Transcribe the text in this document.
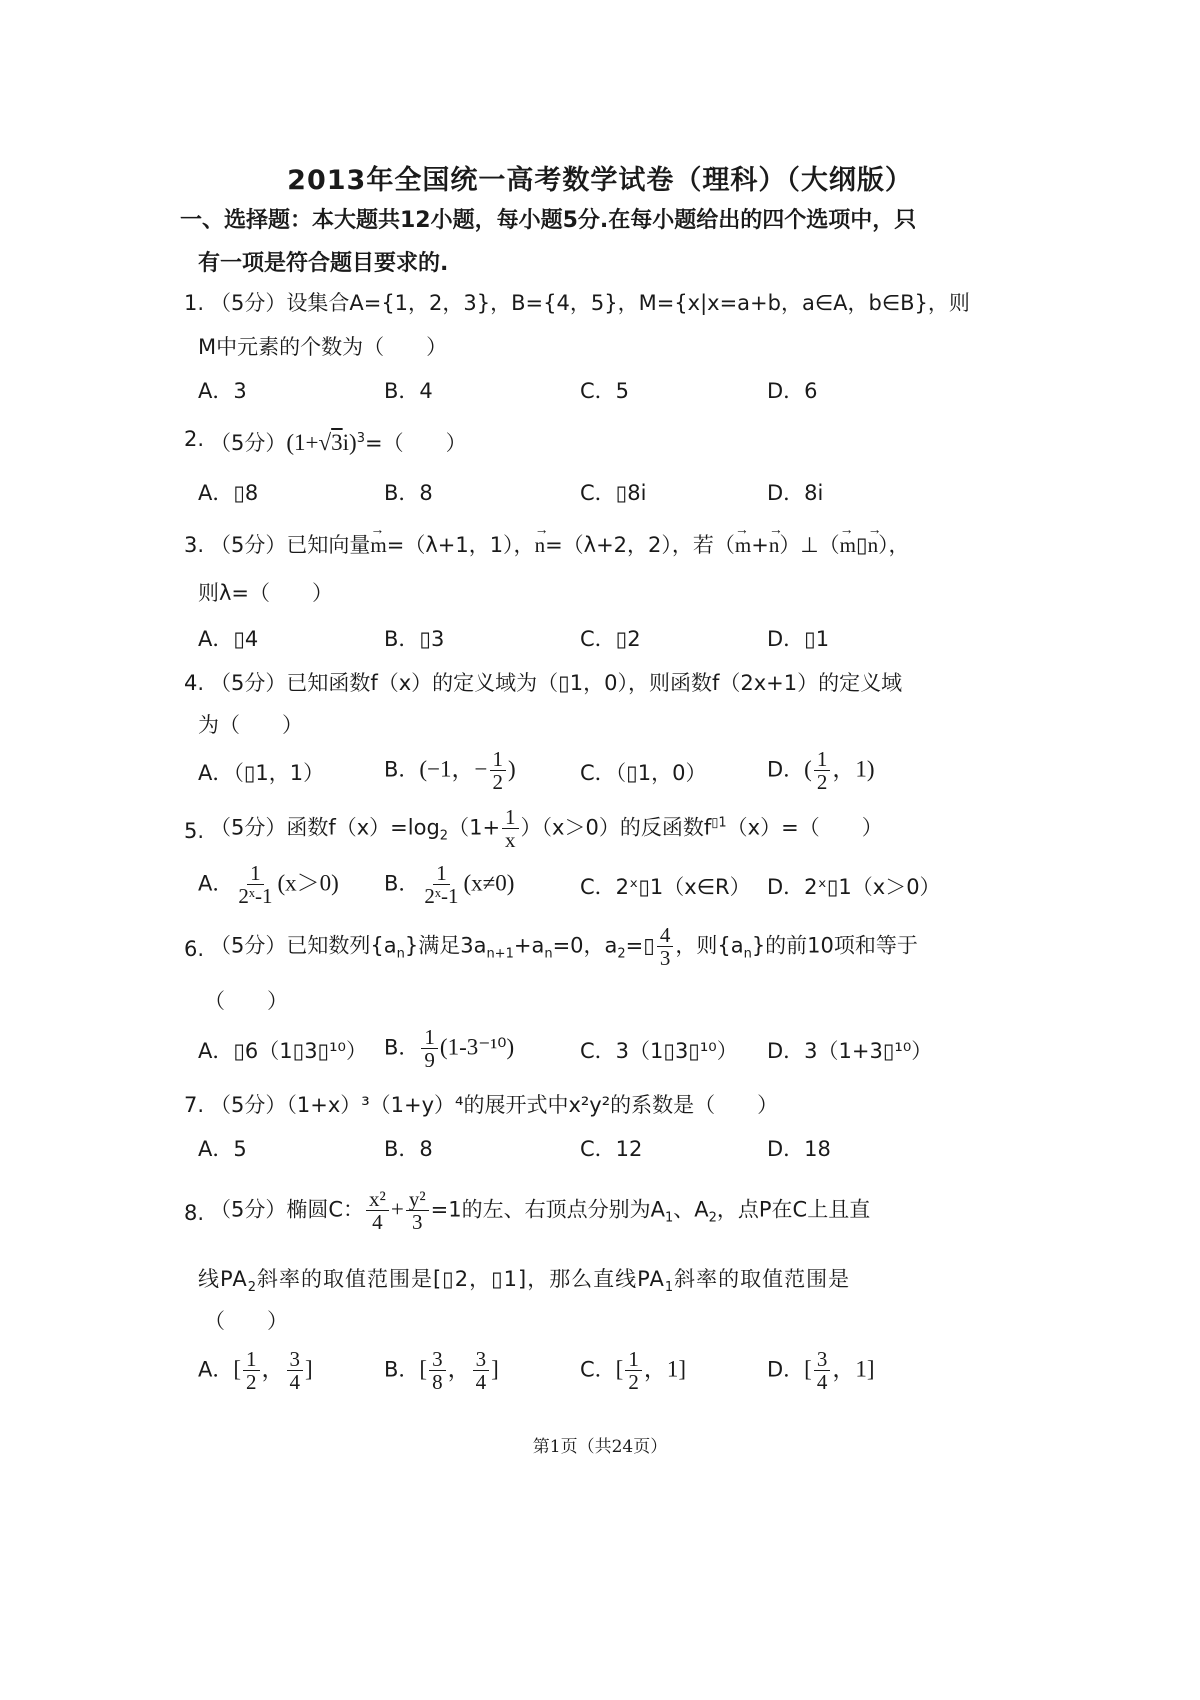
2013年全国统一高考数学试卷（理科）（大纲版）
一、选择题：本大题共12小题，每小题5分.在每小题给出的四个选项中，只
有一项是符合题目要求的.
1. （5分）设集合A={1，2，3}，B={4，5}，M={x|x=a+b，a∈A，b∈B}，则
M中元素的个数为（　　）
A．3	B．4	C．5	D．6
2. （5分）$(1+√3i)^3=$（　　）
A．▯8	B．8	C．▯8i	D．8i
3. （5分）已知向量→ m=（λ+1，1），→ n=（λ+2，2），若（→ m+→ n）⊥（→ m▯→ n），
则λ=（　　）
A．▯4	B．▯3	C．▯2	D．▯1
4. （5分）已知函数f（x）的定义域为（▯1，0），则函数f（2x+1）的定义域
为（　　）
A．（▯1，1）	B．(−1，− $\frac{1}{2}$ )	C．（▯1，0）	D．( $\frac{1}{2}$ ，1)
5. （5分）函数$f(x)=\log_2(1+ \frac{1}{x} )(x>0)$的反函数$f^{▯1}(x)=$（　　）
A． $\frac{1}{\text{2ˣ-1}} (x>0)$ B． $\frac{1}{\text{2ˣ-1}} (x\ne 0)$	C．2ˣ▯1（x∈R） D．2ˣ▯1（x＞0）
6. （5分）已知数列$\{a_n\}$满足$3a_{n+1}+a_n=0$，$a_2=▯ \frac{4}{3}$ ，则$\{a_n\}$的前10项和等于
（　　）
A．▯6（1▯3▯¹⁰） B． $\frac{1}{9} (1-3^{-10})$	C．3（1▯3▯¹⁰） D．3（1+3▯¹⁰）
7. （5分）（1+x）³（1+y）⁴的展开式中x²y²的系数是（　　）
A．5	B．8	C．12	D．18
8. （5分）椭圆C： $\frac{\text{x²}}{4} + \frac{\text{y²}}{3} =1$的左、右顶点分别为$A_1$、$A_2$，点P在C上且直
线$PA_2$斜率的取值范围是[▯2，▯1]，那么直线$PA_1$斜率的取值范围是
（　　）
A．[ $\frac{1}{2}$ ， $\frac{3}{4}$ ]	B．[ $\frac{3}{8}$ ， $\frac{3}{4}$ ]	C．[ $\frac{1}{2}$ ，1]	D．[ $\frac{3}{4}$ ，1]
第1页（共24页）
